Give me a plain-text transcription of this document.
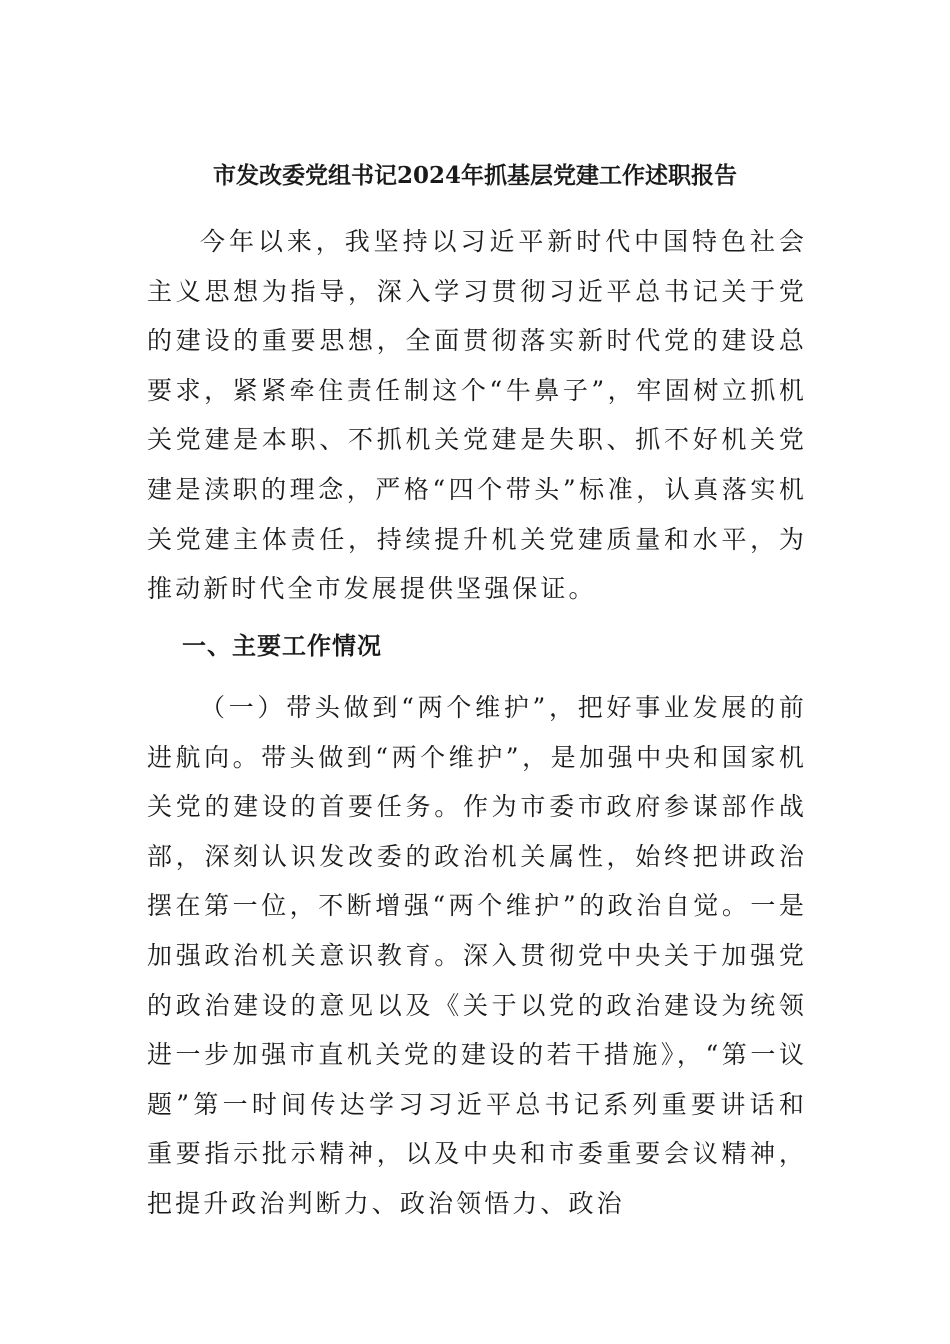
市发改委党组书记2024年抓基层党建工作述职报告

今年以来，我坚持以习近平新时代中国特色社会主义思想为指导，深入学习贯彻习近平总书记关于党的建设的重要思想，全面贯彻落实新时代党的建设总要求，紧紧牵住责任制这个“牛鼻子”，牢固树立抓机关党建是本职、不抓机关党建是失职、抓不好机关党建是渎职的理念，严格“四个带头”标准，认真落实机关党建主体责任，持续提升机关党建质量和水平，为推动新时代全市发展提供坚强保证。

一、主要工作情况

（一）带头做到“两个维护”，把好事业发展的前进航向。带头做到“两个维护”，是加强中央和国家机关党的建设的首要任务。作为市委市政府参谋部作战部，深刻认识发改委的政治机关属性，始终把讲政治摆在第一位，不断增强“两个维护”的政治自觉。一是加强政治机关意识教育。深入贯彻党中央关于加强党的政治建设的意见以及《关于以党的政治建设为统领进一步加强市直机关党的建设的若干措施》，“第一议题”第一时间传达学习习近平总书记系列重要讲话和重要指示批示精神，以及中央和市委重要会议精神，把提升政治判断力、政治领悟力、政治
